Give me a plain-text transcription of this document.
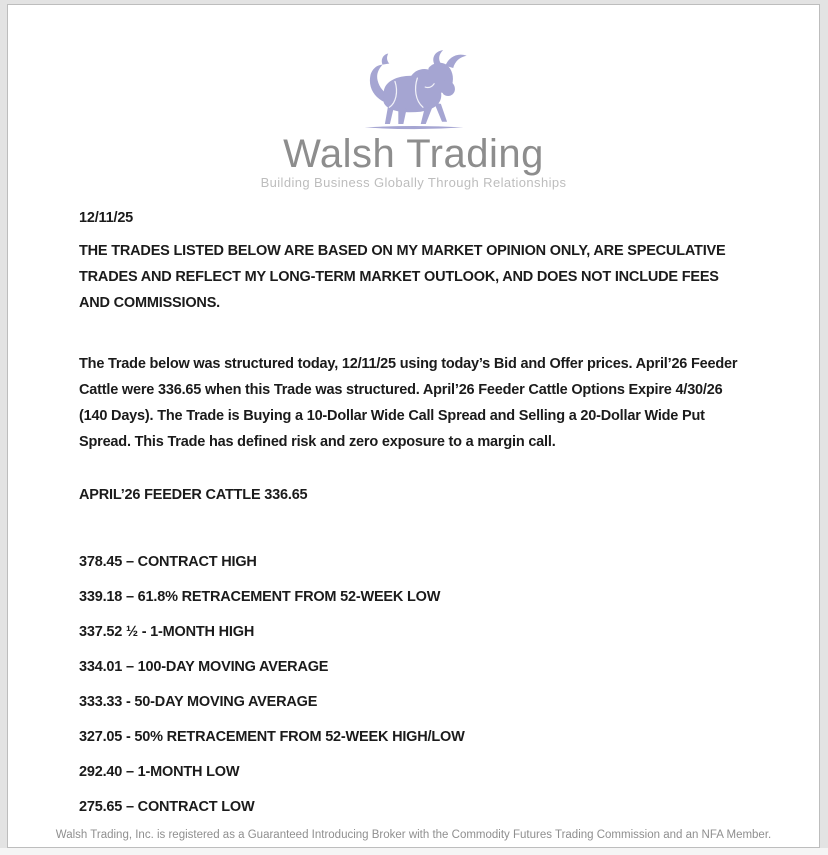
Walsh Trading
Building Business Globally Through Relationships

12/11/25

THE TRADES LISTED BELOW ARE BASED ON MY MARKET OPINION ONLY, ARE SPECULATIVE TRADES AND REFLECT MY LONG-TERM MARKET OUTLOOK, AND DOES NOT INCLUDE FEES AND COMMISSIONS.

The Trade below was structured today, 12/11/25 using today’s Bid and Offer prices. April’26 Feeder Cattle were 336.65 when this Trade was structured. April’26 Feeder Cattle Options Expire 4/30/26 (140 Days). The Trade is Buying a 10-Dollar Wide Call Spread and Selling a 20-Dollar Wide Put Spread. This Trade has defined risk and zero exposure to a margin call.

APRIL’26 FEEDER CATTLE 336.65

378.45 – CONTRACT HIGH
339.18 – 61.8% RETRACEMENT FROM 52-WEEK LOW
337.52 ½ - 1-MONTH HIGH
334.01 – 100-DAY MOVING AVERAGE
333.33 - 50-DAY MOVING AVERAGE
327.05 - 50% RETRACEMENT FROM 52-WEEK HIGH/LOW
292.40 – 1-MONTH LOW
275.65 – CONTRACT LOW
Walsh Trading, Inc. is registered as a Guaranteed Introducing Broker with the Commodity Futures Trading Commission and an NFA Member.
